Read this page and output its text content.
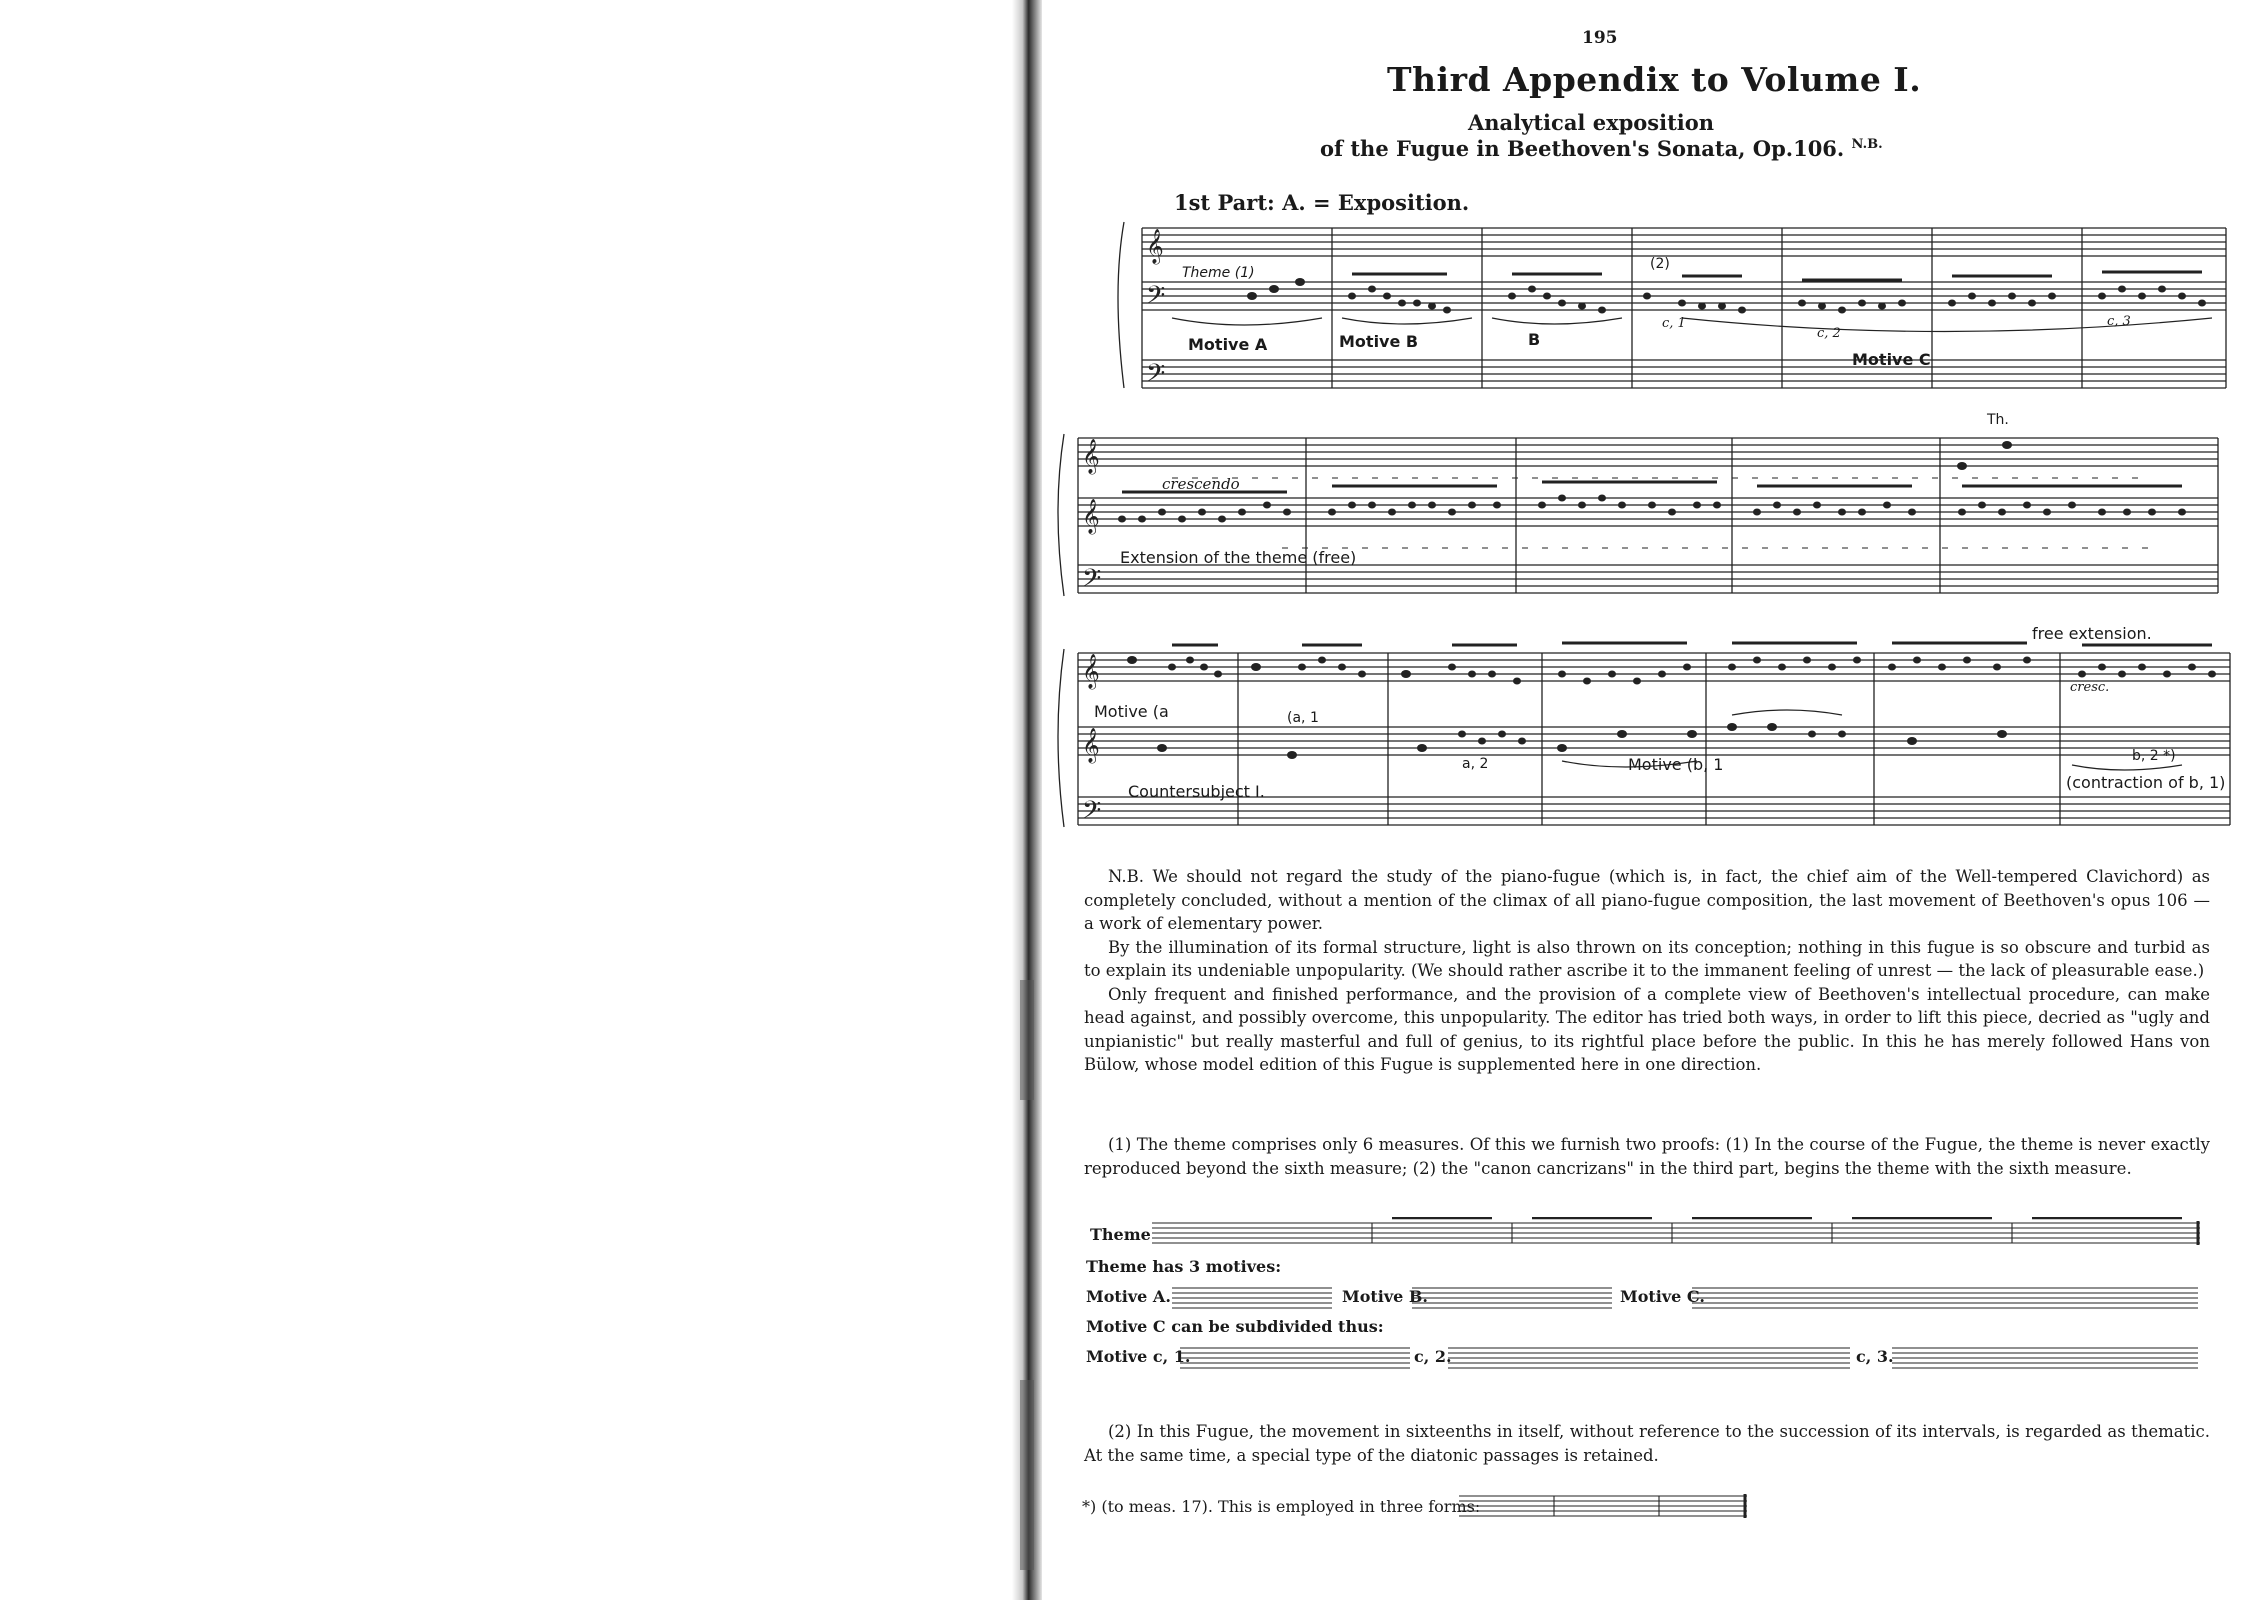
195
Third Appendix to Volume I.
Analytical exposition
of the Fugue in Beethoven's Sonata, Op.106. $^{N.B.}$
1st Part: A. = Exposition.
𝄞
𝄢
𝄢
Theme (1)
(2)
Motive A	Motive B	B
c, 1
c, 2
c, 3
Motive C
𝄞
𝄞
𝄢
crescendo
Extension of the theme (free)
Th.
𝄞
𝄞
𝄢
free extension.
cresc.
Motive (a	(a, 1
a, 2	Motive (b, 1	b, 2 *)
Countersubject I.	(contraction of b, 1)

N.B. We should not regard the study of the piano-fugue (which is, in fact, the chief aim of the Well-tempered Clavichord) as completely concluded, without a mention of the climax of all piano-fugue composition, the last movement of Beethoven's opus 106 — a work of elementary power.

By the illumination of its formal structure, light is also thrown on its conception; nothing in this fugue is so obscure and turbid as to explain its undeniable unpopularity. (We should rather ascribe it to the immanent feeling of unrest — the lack of pleasurable ease.)

Only frequent and finished performance, and the provision of a complete view of Beethoven's intellectual procedure, can make head against, and possibly overcome, this unpopularity. The editor has tried both ways, in order to lift this piece, decried as "ugly and unpianistic" but really masterful and full of genius, to its rightful place before the public. In this he has merely followed Hans von Bülow, whose model edition of this Fugue is supplemented here in one direction.

(1) The theme comprises only 6 measures. Of this we furnish two proofs: (1) In the course of the Fugue, the theme is never exactly reproduced beyond the sixth measure; (2) the "canon cancrizans" in the third part, begins the theme with the sixth measure.

Theme
Theme has 3 motives:
Motive A.	Motive B.	Motive C.
Motive C can be subdivided thus:
Motive c, 1.	c, 2.	c, 3.

(2) In this Fugue, the movement in sixteenths in itself, without reference to the succession of its intervals, is regarded as thematic. At the same time, a special type of the diatonic passages is retained.

*) (to meas. 17). This is employed in three forms:
